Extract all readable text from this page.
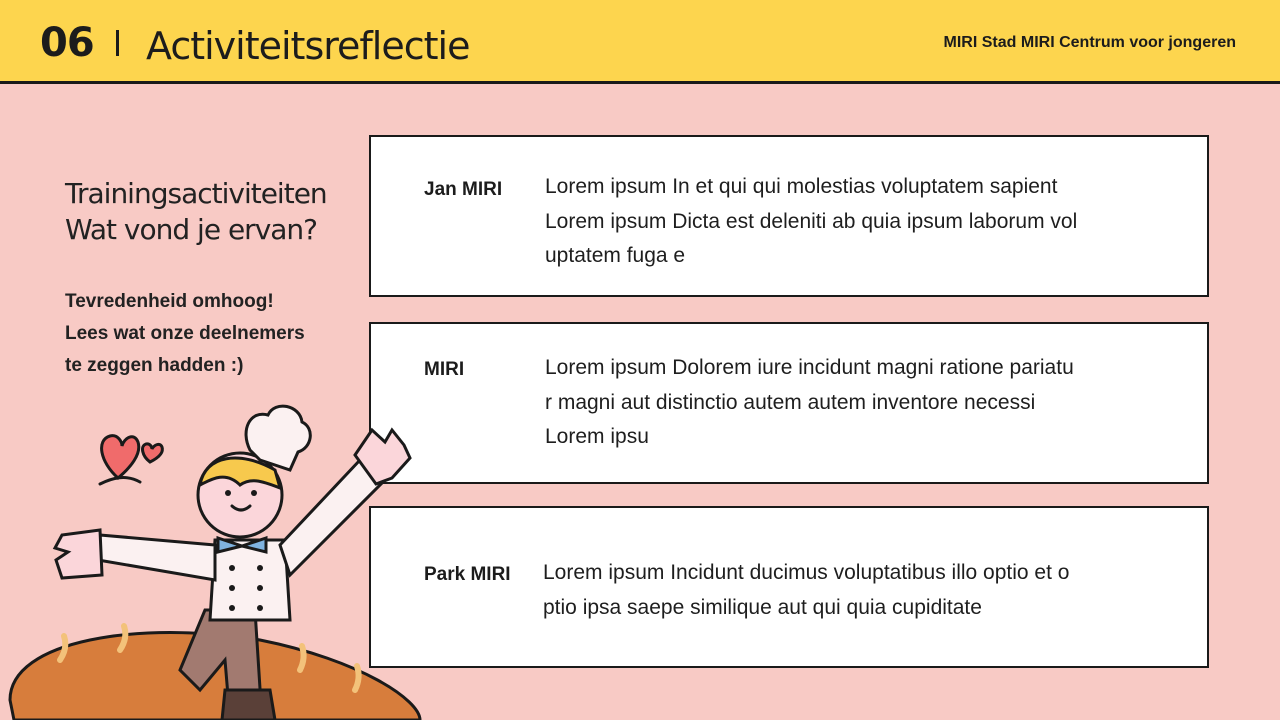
06 Activiteitsreflectie	MIRI Stad MIRI Centrum voor jongeren
Trainingsactiviteiten
Wat vond je ervan?
Tevredenheid omhoog!
Lees wat onze deelnemers
te zeggen hadden :)
Jan MIRI Lorem ipsum In et qui qui molestias voluptatem sapient
Lorem ipsum Dicta est deleniti ab quia ipsum laborum vol
uptatem fuga e
MIRI	Lorem ipsum Dolorem iure incidunt magni ratione pariatu
r magni aut distinctio autem autem inventore necessi
Lorem ipsu
Park MIRI Lorem ipsum Incidunt ducimus voluptatibus illo optio et o
ptio ipsa saepe similique aut qui quia cupiditate
